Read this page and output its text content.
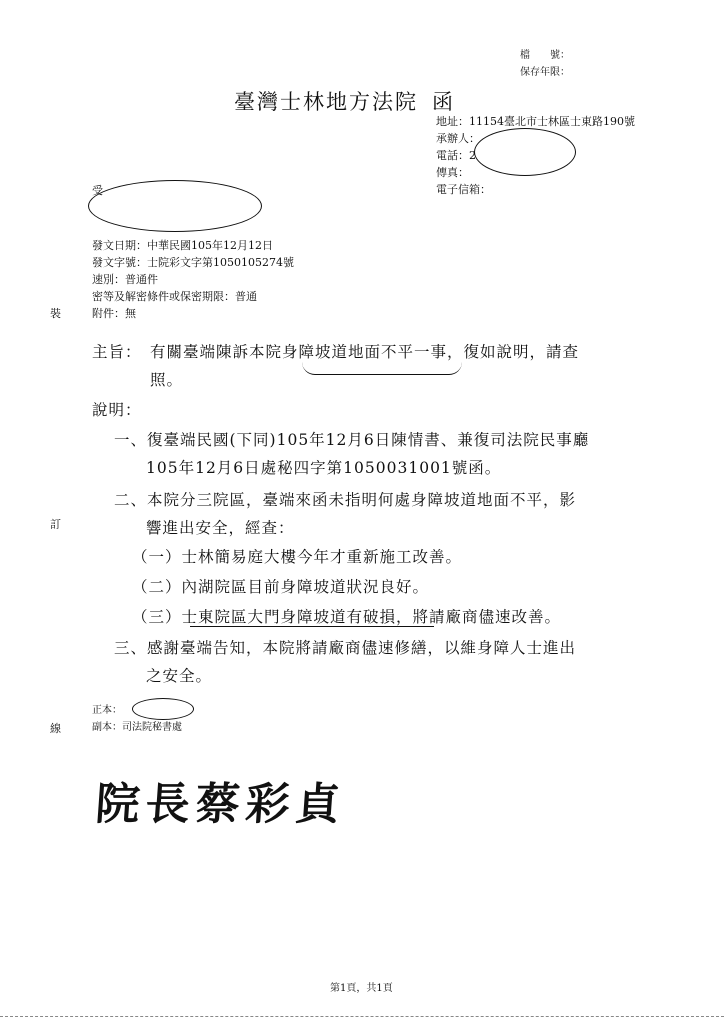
檔　　號：
保存年限：
臺灣士林地方法院 函
地址：11154臺北市士林區士東路190號
承辦人：
電話：2
傳真：
電子信箱：
受
發文日期：中華民國105年12月12日
發文字號：士院彩文字第1050105274號
速別：普通件
密等及解密條件或保密期限：普通
附件：無
裝
訂
線
主旨： 有關臺端陳訴本院身障坡道地面不平一事，復如說明，請查
照。
說明：
一、復臺端民國(下同)105年12月6日陳情書、兼復司法院民事廳
105年12月6日處秘四字第1050031001號函。
二、本院分三院區，臺端來函未指明何處身障坡道地面不平，影
響進出安全，經查：
（一）士林簡易庭大樓今年才重新施工改善。
（二）內湖院區目前身障坡道狀況良好。
（三）士東院區大門身障坡道有破損，將請廠商儘速改善。
三、感謝臺端告知，本院將請廠商儘速修繕，以維身障人士進出
之安全。
正本：
副本：司法院秘書處
院長蔡彩貞
第1頁，共1頁
